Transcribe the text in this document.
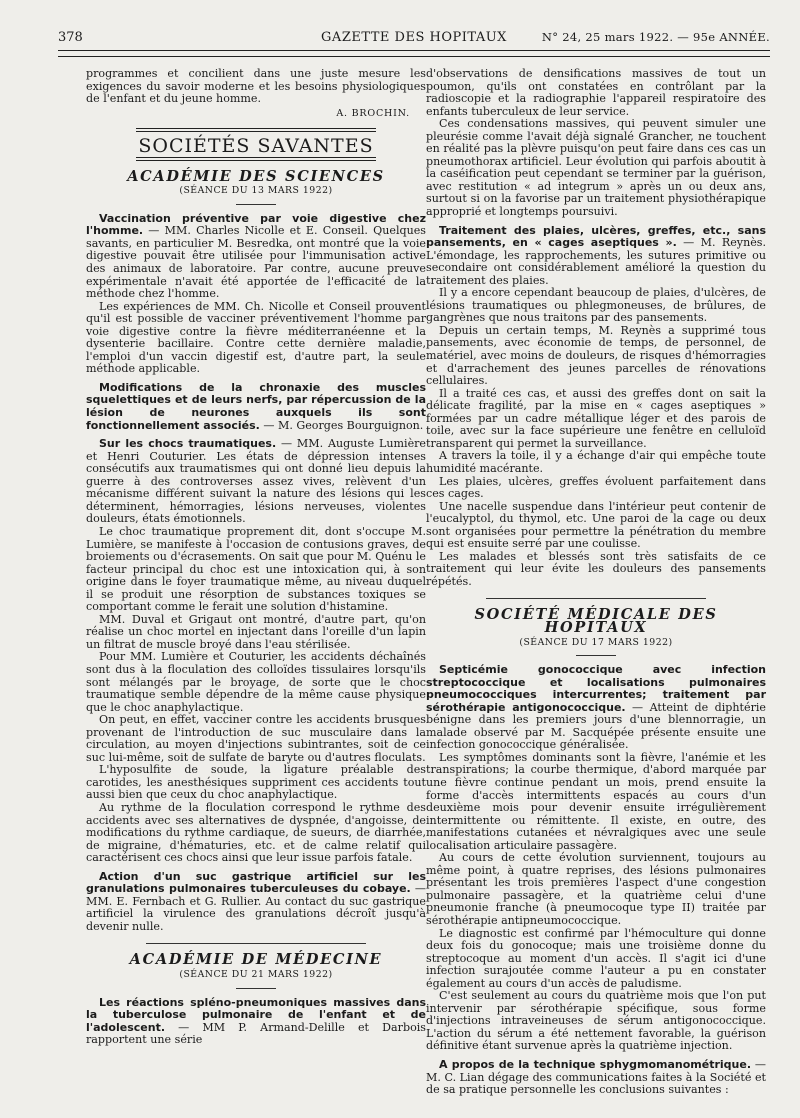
378	GAZETTE DES HOPITAUX	N° 24, 25 mars 1922. — 95e ANNÉE.

programmes et concilient dans une juste mesure les exigences du savoir moderne et les besoins physiologiques de l'enfant et du jeune homme.

A. BROCHIN.
SOCIÉTÉS SAVANTES
ACADÉMIE DES SCIENCES
(SÉANCE DU 13 MARS 1922)

Vaccination préventive par voie digestive chez l'homme. — MM. Charles Nicolle et E. Conseil. Quelques savants, en particulier M. Besredka, ont montré que la voie digestive pouvait être utilisée pour l'immunisation active des animaux de laboratoire. Par contre, aucune preuve expérimentale n'avait été apportée de l'efficacité de la méthode chez l'homme.

Les expériences de MM. Ch. Nicolle et Conseil prouvent qu'il est possible de vacciner préventivement l'homme par voie digestive contre la fièvre méditerranéenne et la dysenterie bacillaire. Contre cette dernière maladie, l'emploi d'un vaccin digestif est, d'autre part, la seule méthode applicable.

Modifications de la chronaxie des muscles squelettiques et de leurs nerfs, par répercussion de la lésion de neurones auxquels ils sont fonctionnellement associés. — M. Georges Bourguignon.

Sur les chocs traumatiques. — MM. Auguste Lumière et Henri Couturier. Les états de dépression intenses consécutifs aux traumatismes qui ont donné lieu depuis la guerre à des controverses assez vives, relèvent d'un mécanisme différent suivant la nature des lésions qui les déterminent, hémorragies, lésions nerveuses, violentes douleurs, états émotionnels.

Le choc traumatique proprement dit, dont s'occupe M. Lumière, se manifeste à l'occasion de contusions graves, de broiements ou d'écrasements. On sait que pour M. Quénu le facteur principal du choc est une intoxication qui, à son origine dans le foyer traumatique même, au niveau duquel il se produit une résorption de substances toxiques se comportant comme le ferait une solution d'histamine.

MM. Duval et Grigaut ont montré, d'autre part, qu'on réalise un choc mortel en injectant dans l'oreille d'un lapin un filtrat de muscle broyé dans l'eau stérilisée.

Pour MM. Lumière et Couturier, les accidents déchaînés sont dus à la floculation des colloïdes tissulaires lorsqu'ils sont mélangés par le broyage, de sorte que le choc traumatique semble dépendre de la même cause physique que le choc anaphylactique.

On peut, en effet, vacciner contre les accidents brusques provenant de l'introduction de suc musculaire dans la circulation, au moyen d'injections subintrantes, soit de ce suc lui-même, soit de sulfate de baryte ou d'autres floculats.

L'hyposulfite de soude, la ligature préalable des carotides, les anesthésiques suppriment ces accidents tout aussi bien que ceux du choc anaphylactique.

Au rythme de la floculation correspond le rythme des accidents avec ses alternatives de dyspnée, d'angoisse, de modifications du rythme cardiaque, de sueurs, de diarrhée, de migraine, d'hématuries, etc. et de calme relatif qui caractérisent ces chocs ainsi que leur issue parfois fatale.

Action d'un suc gastrique artificiel sur les granulations pulmonaires tuberculeuses du cobaye. — MM. E. Fernbach et G. Rullier. Au contact du suc gastrique artificiel la virulence des granulations décroît jusqu'à devenir nulle.

ACADÉMIE DE MÉDECINE
(SÉANCE DU 21 MARS 1922)

Les réactions spléno-pneumoniques massives dans la tuberculose pulmonaire de l'enfant et de l'adolescent. — MM P. Armand-Delille et Darbois rapportent une série

d'observations de densifications massives de tout un poumon, qu'ils ont constatées en contrôlant par la radioscopie et la radiographie l'appareil respiratoire des enfants tuberculeux de leur service.

Ces condensations massives, qui peuvent simuler une pleurésie comme l'avait déjà signalé Grancher, ne touchent en réalité pas la plèvre puisqu'on peut faire dans ces cas un pneumothorax artificiel. Leur évolution qui parfois aboutit à la caséification peut cependant se terminer par la guérison, avec restitution « ad integrum » après un ou deux ans, surtout si on la favorise par un traitement physiothérapique approprié et longtemps poursuivi.

Traitement des plaies, ulcères, greffes, etc., sans pansements, en « cages aseptiques ». — M. Reynès. L'émondage, les rapprochements, les sutures primitive ou secondaire ont considérablement amélioré la question du traitement des plaies.

Il y a encore cependant beaucoup de plaies, d'ulcères, de lésions traumatiques ou phlegmoneuses, de brûlures, de gangrènes que nous traitons par des pansements.

Depuis un certain temps, M. Reynès a supprimé tous pansements, avec économie de temps, de personnel, de matériel, avec moins de douleurs, de risques d'hémorragies et d'arrachement des jeunes parcelles de rénovations cellulaires.

Il a traité ces cas, et aussi des greffes dont on sait la délicate fragilité, par la mise en « cages aseptiques » formées par un cadre métallique léger et des parois de toile, avec sur la face supérieure une fenêtre en celluloïd transparent qui permet la surveillance.

A travers la toile, il y a échange d'air qui empêche toute humidité macérante.

Les plaies, ulcères, greffes évoluent parfaitement dans ces cages.

Une nacelle suspendue dans l'intérieur peut contenir de l'eucalyptol, du thymol, etc. Une paroi de la cage ou deux sont organisées pour permettre la pénétration du membre qui est ensuite serré par une coulisse.

Les malades et blessés sont très satisfaits de ce traitement qui leur évite les douleurs des pansements répétés.

SOCIÉTÉ MÉDICALE DES HOPITAUX
(SÉANCE DU 17 MARS 1922)

Septicémie gonococcique avec infection streptococcique et localisations pulmonaires pneumococciques intercurrentes; traitement par sérothérapie antigonococcique. — Atteint de diphtérie bénigne dans les premiers jours d'une blennorragie, un malade observé par M. Sacquépée présente ensuite une infection gonococcique généralisée.

Les symptômes dominants sont la fièvre, l'anémie et les transpirations; la courbe thermique, d'abord marquée par une fièvre continue pendant un mois, prend ensuite la forme d'accès intermittents espacés au cours d'un deuxième mois pour devenir ensuite irrégulièrement intermittente ou rémittente. Il existe, en outre, des manifestations cutanées et névralgiques avec une seule localisation articulaire passagère.

Au cours de cette évolution surviennent, toujours au même point, à quatre reprises, des lésions pulmonaires présentant les trois premières l'aspect d'une congestion pulmonaire passagère, et la quatrième celui d'une pneumonie franche (à pneumocoque type II) traitée par sérothérapie antipneumococcique.

Le diagnostic est confirmé par l'hémoculture qui donne deux fois du gonocoque; mais une troisième donne du streptocoque au moment d'un accès. Il s'agit ici d'une infection surajoutée comme l'auteur a pu en constater également au cours d'un accès de paludisme.

C'est seulement au cours du quatrième mois que l'on put intervenir par sérothérapie spécifique, sous forme d'injections intraveineuses de sérum antigonococcique. L'action du sérum a été nettement favorable, la guérison définitive étant survenue après la quatrième injection.

A propos de la technique sphygmomanométrique. — M. C. Lian dégage des communications faites à la Société et de sa pratique personnelle les conclusions suivantes :
